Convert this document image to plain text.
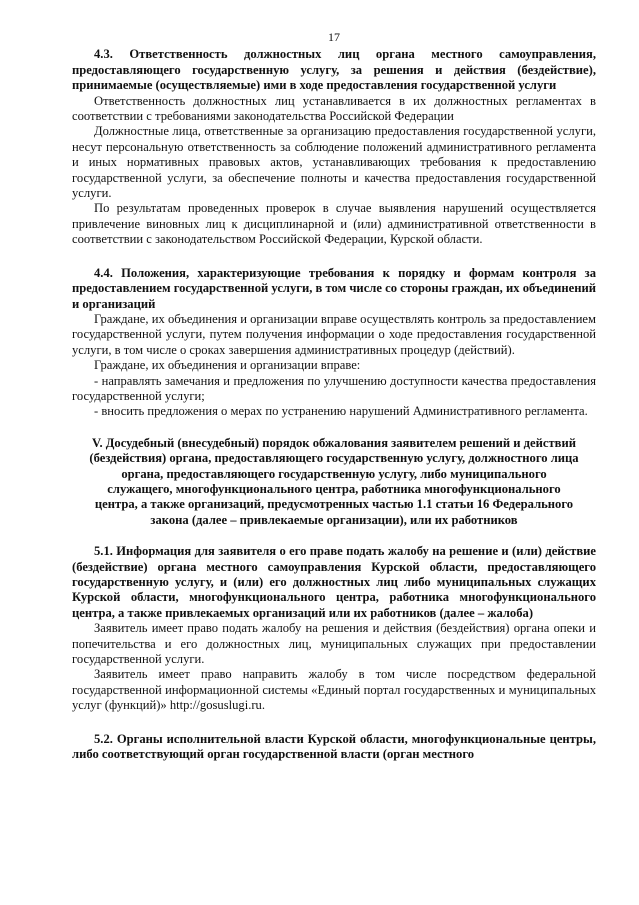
17

4.3. Ответственность должностных лиц органа местного самоуправления, предоставляющего государственную услугу, за решения и действия (бездействие), принимаемые (осуществляемые) ими в ходе предоставления государственной услуги

Ответственность должностных лиц устанавливается в их должностных регламентах в соответствии с требованиями законодательства Российской Федерации

Должностные лица, ответственные за организацию предоставления государственной услуги, несут персональную ответственность за соблюдение положений административного регламента и иных нормативных правовых актов, устанавливающих требования к предоставлению государственной услуги, за обеспечение полноты и качества предоставления государственной услуги.

По результатам проведенных проверок в случае выявления нарушений осуществляется привлечение виновных лиц к дисциплинарной и (или) административной ответственности в соответствии с законодательством Российской Федерации, Курской области.

4.4. Положения, характеризующие требования к порядку и формам контроля за предоставлением государственной услуги, в том числе со стороны граждан, их объединений и организаций

Граждане, их объединения и организации вправе осуществлять контроль за предоставлением государственной услуги, путем получения информации о ходе предоставления государственной услуги, в том числе о сроках завершения административных процедур (действий).

Граждане, их объединения и организации вправе:

- направлять замечания и предложения по улучшению доступности качества предоставления государственной услуги;

- вносить предложения о мерах по устранению нарушений Административного регламента.

V. Досудебный (внесудебный) порядок обжалования заявителем решений и действий (бездействия) органа, предоставляющего государственную услугу, должностного лица органа, предоставляющего государственную услугу, либо муниципального служащего, многофункционального центра, работника многофункционального центра, а также организаций, предусмотренных частью 1.1 статьи 16 Федерального закона (далее – привлекаемые организации), или их работников

5.1. Информация для заявителя о его праве подать жалобу на решение и (или) действие (бездействие) органа местного самоуправления Курской области, предоставляющего государственную услугу, и (или) его должностных лиц либо муниципальных служащих Курской области, многофункционального центра, работника многофункционального центра, а также привлекаемых организаций или их работников (далее – жалоба)

Заявитель имеет право подать жалобу на решения и действия (бездействия) органа опеки и попечительства и его должностных лиц, муниципальных служащих при предоставлении государственной услуги.

Заявитель имеет право направить жалобу в том числе посредством федеральной государственной информационной системы «Единый портал государственных и муниципальных услуг (функций)» http://gosuslugi.ru.

5.2. Органы исполнительной власти Курской области, многофункциональные центры, либо соответствующий орган государственной власти (орган местного
